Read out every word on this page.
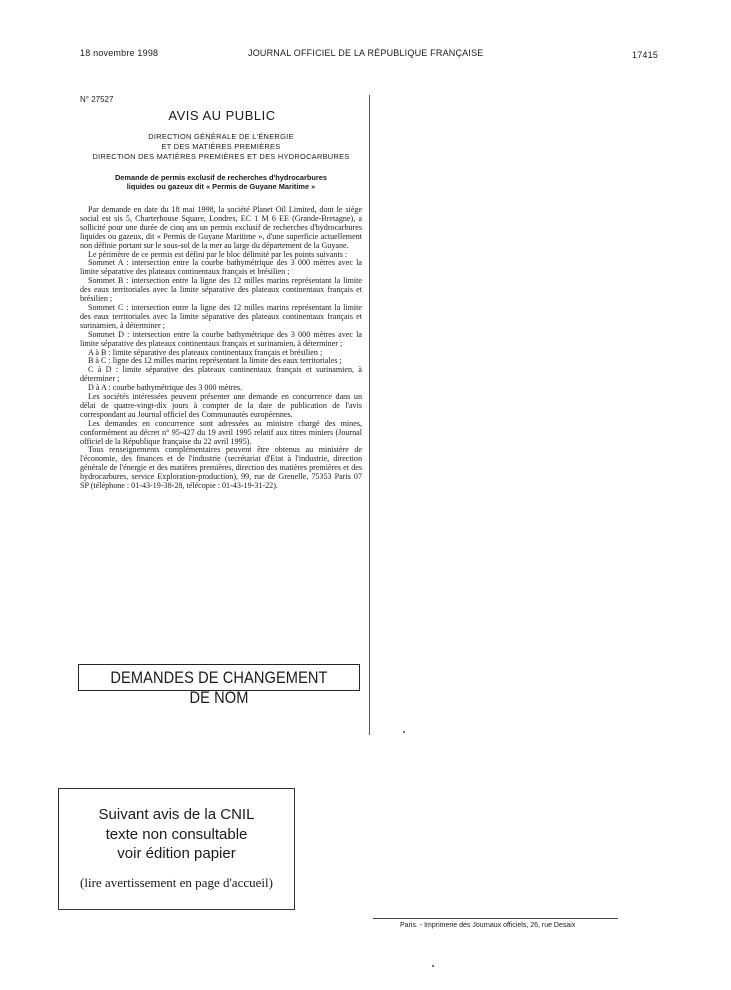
18 novembre 1998	JOURNAL OFFICIEL DE LA RÉPUBLIQUE FRANÇAISE	17415
N° 27527
AVIS AU PUBLIC
DIRECTION GÉNÉRALE DE L'ÉNERGIE
ET DES MATIÈRES PREMIÈRES
DIRECTION DES MATIÈRES PREMIÈRES ET DES HYDROCARBURES
Demande de permis exclusif de recherches d'hydrocarbures
liquides ou gazeux dit « Permis de Guyane Maritime »

Par demande en date du 18 mai 1998, la société Planet Oil Limited, dont le siège social est sis 5, Charterhouse Square, Londres, EC 1 M 6 EE (Grande-Bretagne), a sollicité pour une durée de cinq ans un permis exclusif de recherches d'hydrocarbures liquides ou gazeux, dit « Permis de Guyane Maritime », d'une superficie actuellement non définie portant sur le sous-sol de la mer au large du département de la Guyane.

Le périmètre de ce permis est défini par le bloc délimité par les points suivants :

Sommet A : intersection entre la courbe bathymétrique des 3 000 mètres avec la limite séparative des plateaux continentaux français et brésilien ;

Sommet B : intersection entre la ligne des 12 milles marins représentant la limite des eaux territoriales avec la limite séparative des plateaux continentaux français et brésilien ;

Sommet C : intersection entre la ligne des 12 milles marins représentant la limite des eaux territoriales avec la limite séparative des plateaux continentaux français et surinamien, à déterminer ;

Sommet D : intersection entre la courbe bathymétrique des 3 000 mètres avec la limite séparative des plateaux continentaux français et surinamien, à déterminer ;

A à B : limite séparative des plateaux continentaux français et brésilien ;

B à C : ligne des 12 milles marins représentant la limite des eaux territoriales ;

C à D : limite séparative des plateaux continentaux français et surinamien, à déterminer ;

D à A : courbe bathymétrique des 3 000 mètres.

Les sociétés intéressées peuvent présenter une demande en concurrence dans un délai de quatre-vingt-dix jours à compter de la date de publication de l'avis correspondant au Journal officiel des Communautés européennes.

Les demandes en concurrence sont adressées au ministre chargé des mines, conformément au décret n° 95-427 du 19 avril 1995 relatif aux titres miniers (Journal officiel de la République française du 22 avril 1995).

Tous renseignements complémentaires peuvent être obtenus au ministère de l'économie, des finances et de l'industrie (secrétariat d'Etat à l'industrie, direction générale de l'énergie et des matières premières, direction des matières premières et des hydrocarbures, service Exploration-production), 99, rue de Grenelle, 75353 Paris 07 SP (téléphone : 01-43-19-38-28, télécopie : 01-43-19-31-22).

DEMANDES DE CHANGEMENT DE NOM
Suivant avis de la CNIL
texte non consultable
voir édition papier
(lire avertissement en page d'accueil)
Paris. - Imprimerie des Journaux officiels, 26, rue Desaix
